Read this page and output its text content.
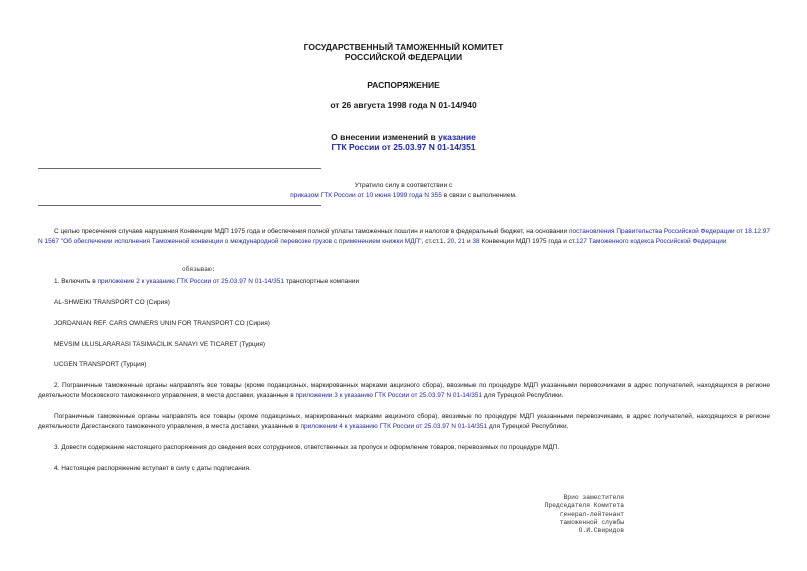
ГОСУДАРСТВЕННЫЙ ТАМОЖЕННЫЙ КОМИТЕТ
РОССИЙСКОЙ ФЕДЕРАЦИИ
РАСПОРЯЖЕНИЕ
от 26 августа 1998 года N 01-14/940
О внесении изменений в указание
ГТК России от 25.03.97 N 01-14/351
Утратило силу в соответствии с
приказом ГТК России от 10 июня 1999 года N 355 в связи с выполнением.
С целью пресечения случаев нарушения Конвенции МДП 1975 года и обеспечения полной уплаты таможенных пошлин и налогов в федеральный бюджет, на основании постановления Правительства Российской Федерации от 18.12.97 N 1567 "Об обеспечении исполнения Таможенной конвенции о международной перевозке грузов с применением книжки МДП", ст.ст.1, 20, 21 и 38 Конвенции МДП 1975 года и ст.127 Таможенного кодекса Российской Федерации
обязываю:
1. Включить в приложение 2 к указанию ГТК России от 25.03.97 N 01-14/351 транспортные компании
AL-SHWEIKI TRANSPORT CO (Сирия)
JORDANIAN REF. CARS OWNERS UNIN FOR TRANSPORT CO (Сирия)
MEVSIM ULUSLARARASI TASIMACILIK SANAYI VE TICARET (Турция)
UCGEN TRANSPORT (Турция)
2. Пограничные таможенные органы направлять все товары (кроме подакцизных, маркированных марками акцизного сбора), ввозимые по процедуре МДП указанными перевозчиками в адрес получателей, находящихся в регионе деятельности Московского таможенного управления, в места доставки, указанные в приложении 3 к указанию ГТК России от 25.03.97 N 01-14/351 для Турецкой Республики.
Пограничные таможенные органы направлять все товары (кроме подакцизных, маркированных марками акцизного сбора), ввозимые по процедуре МДП указанными перевозчиками, в адрес получателей, находящихся в регионе деятельности Дагестанского таможенного управления, в места доставки, указанные в приложении 4 к указанию ГТК России от 25.03.97 N 01-14/351 для Турецкой Республики.
3. Довести содержание настоящего распоряжения до сведения всех сотрудников, ответственных за пропуск и оформление товаров, перевозимых по процедуре МДП.
4. Настоящее распоряжение вступает в силу с даты подписания.
Врио заместителя
Председателя Комитета
генерал-лейтенант
таможенной службы
О.И.Свиридов
